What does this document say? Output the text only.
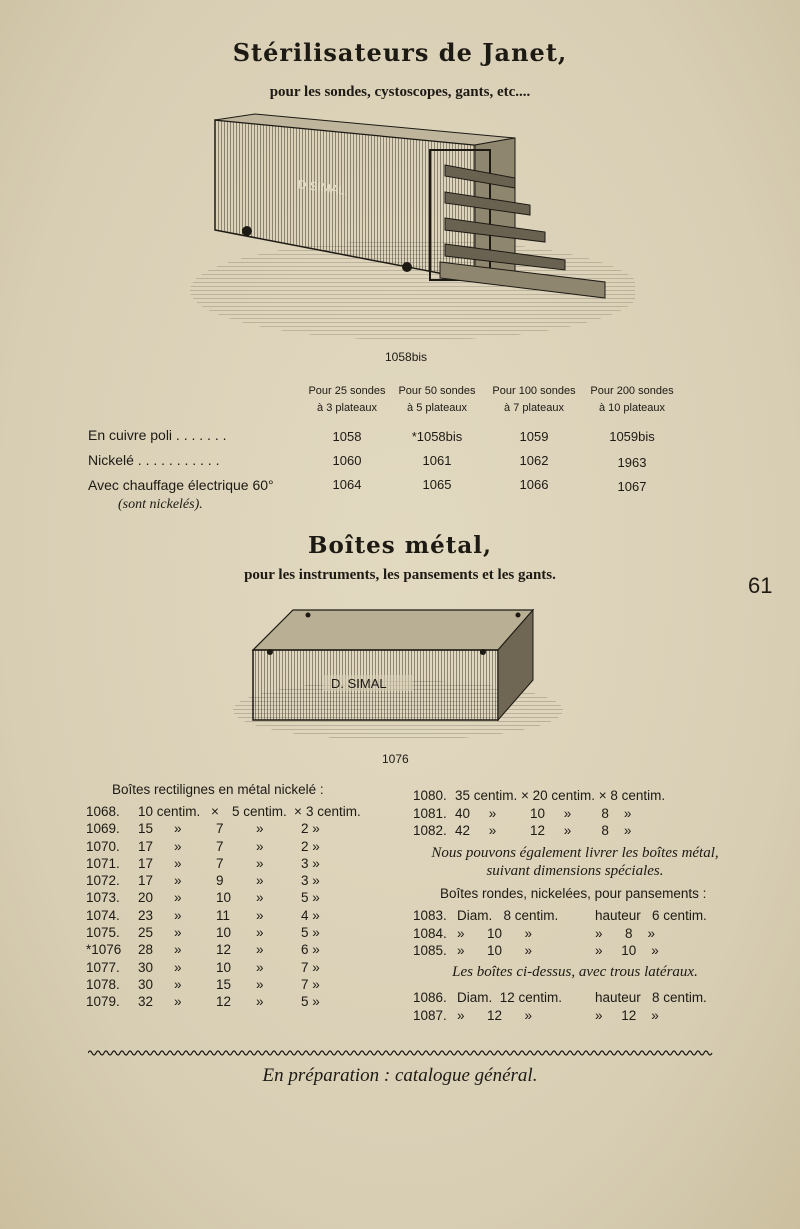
Stérilisateurs de Janet,
pour les sondes, cystoscopes, gants, etc....
D.SIMAL
1058bis
Pour 25 sondes
à 3 plateaux
Pour 50 sondes
à 5 plateaux
Pour 100 sondes
à 7 plateaux
Pour 200 sondes
à 10 plateaux
En cuivre poli . . . . . . .	1058	*1058bis	1059	1059bis
Nickelé . . . . . . . . . . .	1060	1061	1062	1963
Avec chauffage électrique 60°	1064	1065	1066	1067
(sont nickelés).
Boîtes métal,
pour les instruments, les pansements et les gants.	61
D. SIMAL
1076
Boîtes rectilignes en métal nickelé :
1068. 10 centim. × 5 centim. × 3 centim.
1069. 15 »	7 »	2 »
1070. 17 »	7 »	2 »
1071. 17 »	7 »	3 »
1072. 17 »	9 »	3 »
1073. 20 »	10 »	5 »
1074. 23 »	11 »	4 »
1075. 25 »	10 »	5 »
*1076 28 »	12 »	6 »
1077. 30 »	10 »	7 »
1078. 30 »	15 »	7 »
1079. 32 »	12 »	5 »
1080. 35 centim. × 20 centim. × 8 centim.
1081. 40     »         10     »        8    »
1082. 42     »         12     »        8    »
Nous pouvons également livrer les boîtes métal,
suivant dimensions spéciales.
Boîtes rondes, nickelées, pour pansements :
1083. Diam.   8 centim.	hauteur   6 centim.
1084. »      10      »	»      8    »
1085. »      10      »	»     10    »
Les boîtes ci-dessus, avec trous latéraux.
1086. Diam.  12 centim. hauteur   8 centim.
1087. »      12      »	»     12    »
En préparation : catalogue général.
